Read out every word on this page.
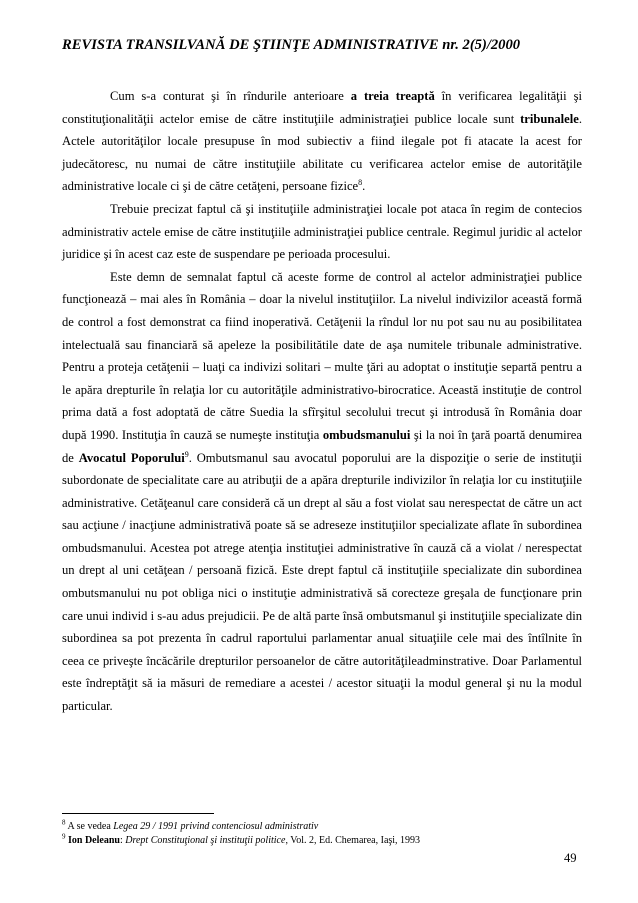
REVISTA TRANSILVANĂ DE ŞTIINŢE ADMINISTRATIVE nr. 2(5)/2000

Cum s-a conturat şi în rîndurile anterioare a treia treaptă în verificarea legalităţii şi constituţionalităţii actelor emise de către instituţiile administraţiei publice locale sunt tribunalele. Actele autorităţilor locale presupuse în mod subiectiv a fiind ilegale pot fi atacate la acest for judecătoresc, nu numai de către instituţiile abilitate cu verificarea actelor emise de autorităţile administrative locale ci şi de către cetăţeni, persoane fizice$^8$.

Trebuie precizat faptul că şi instituţiile administraţiei locale pot ataca în regim de contecios administrativ actele emise de către instituţiile administraţiei publice centrale. Regimul juridic al actelor juridice şi în acest caz este de suspendare pe perioada procesului.

Este demn de semnalat faptul că aceste forme de control al actelor administraţiei publice funcţionează – mai ales în România – doar la nivelul instituţiilor. La nivelul indivizilor această formă de control a fost demonstrat ca fiind inoperativă. Cetăţenii la rîndul lor nu pot sau nu au posibilitatea intelectuală sau financiară să apeleze la posibilitătile date de aşa numitele tribunale administrative. Pentru a proteja cetăţenii – luaţi ca indivizi solitari – multe ţări au adoptat o instituţie separtă pentru a le apăra drepturile în relaţia lor cu autorităţile administrativo-birocratice. Această instituţie de control prima dată a fost adoptată de către Suedia la sfîrşitul secolului trecut şi introdusă în România doar după 1990. Instituţia în cauză se numeşte instituţia ombudsmanului şi la noi în ţară poartă denumirea de Avocatul Poporului$^9$. Ombutsmanul sau avocatul poporului are la dispoziţie o serie de instituţii subordonate de specialitate care au atribuţii de a apăra drepturile indivizilor în relaţia lor cu instituţiile administrative. Cetăţeanul care consideră că un drept al său a fost violat sau nerespectat de către un act sau acţiune / inacţiune administrativă poate să se adreseze instituţiilor specializate aflate în subordinea ombudsmanului. Acestea pot atrege atenţia instituţiei administrative în cauză că a violat / nerespectat un drept al uni cetăţean / persoană fizică. Este drept faptul că instituţiile specializate din subordinea ombutsmanului nu pot obliga nici o instituţie administrativă să corecteze greşala de funcţionare prin care unui individ i s-au adus prejudicii. Pe de altă parte însă ombutsmanul şi instituţiile specializate din subordinea sa pot prezenta în cadrul raportului parlamentar anual situaţiile cele mai des întîlnite în ceea ce priveşte încăcările drepturilor persoanelor de către autorităţileadminstrative. Doar Parlamentul este îndreptăţit să ia măsuri de remediare a acestei / acestor situaţii la modul general şi nu la modul particular.

$^8$ A se vedea Legea 29 / 1991 privind contenciosul administrativ
$^9$ Ion Deleanu: Drept Constituţional şi instituţii politice, Vol. 2, Ed. Chemarea, Iaşi, 1993
49
